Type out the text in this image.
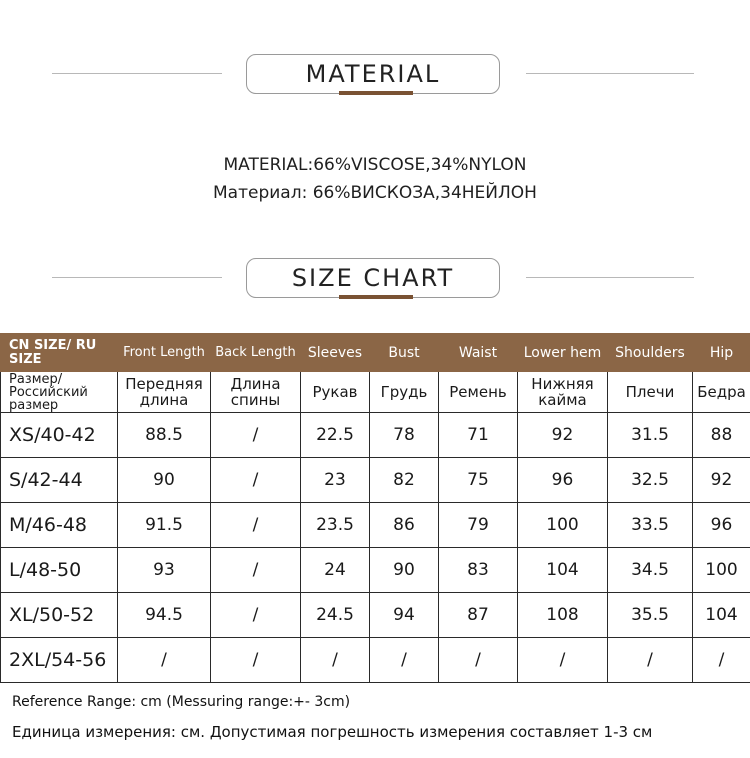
MATERIAL
MATERIAL:66%VISCOSE,34%NYLON
Материал: 66%ВИСКОЗА,34НЕЙЛОН
SIZE CHART
CN SIZE/ RU SIZE	Front Length	Back Length	Sleeves	Bust	Waist	Lower hem	Shoulders	Hip
Размер/ Российский размер	Передняя длина	Длина спины	Рукав	Грудь	Ремень	Нижняя кайма	Плечи	Бедра
XS/40-42	88.5	/	22.5	78	71	92	31.5	88
S/42-44	90	/	23	82	75	96	32.5	92
M/46-48	91.5	/	23.5	86	79	100	33.5	96
L/48-50	93	/	24	90	83	104	34.5	100
XL/50-52	94.5	/	24.5	94	87	108	35.5	104
2XL/54-56	/	/	/	/	/	/	/	/
Reference Range: cm (Messuring range:+- 3cm)
Единица измерения: см. Допустимая погрешность измерения составляет 1-3 см
